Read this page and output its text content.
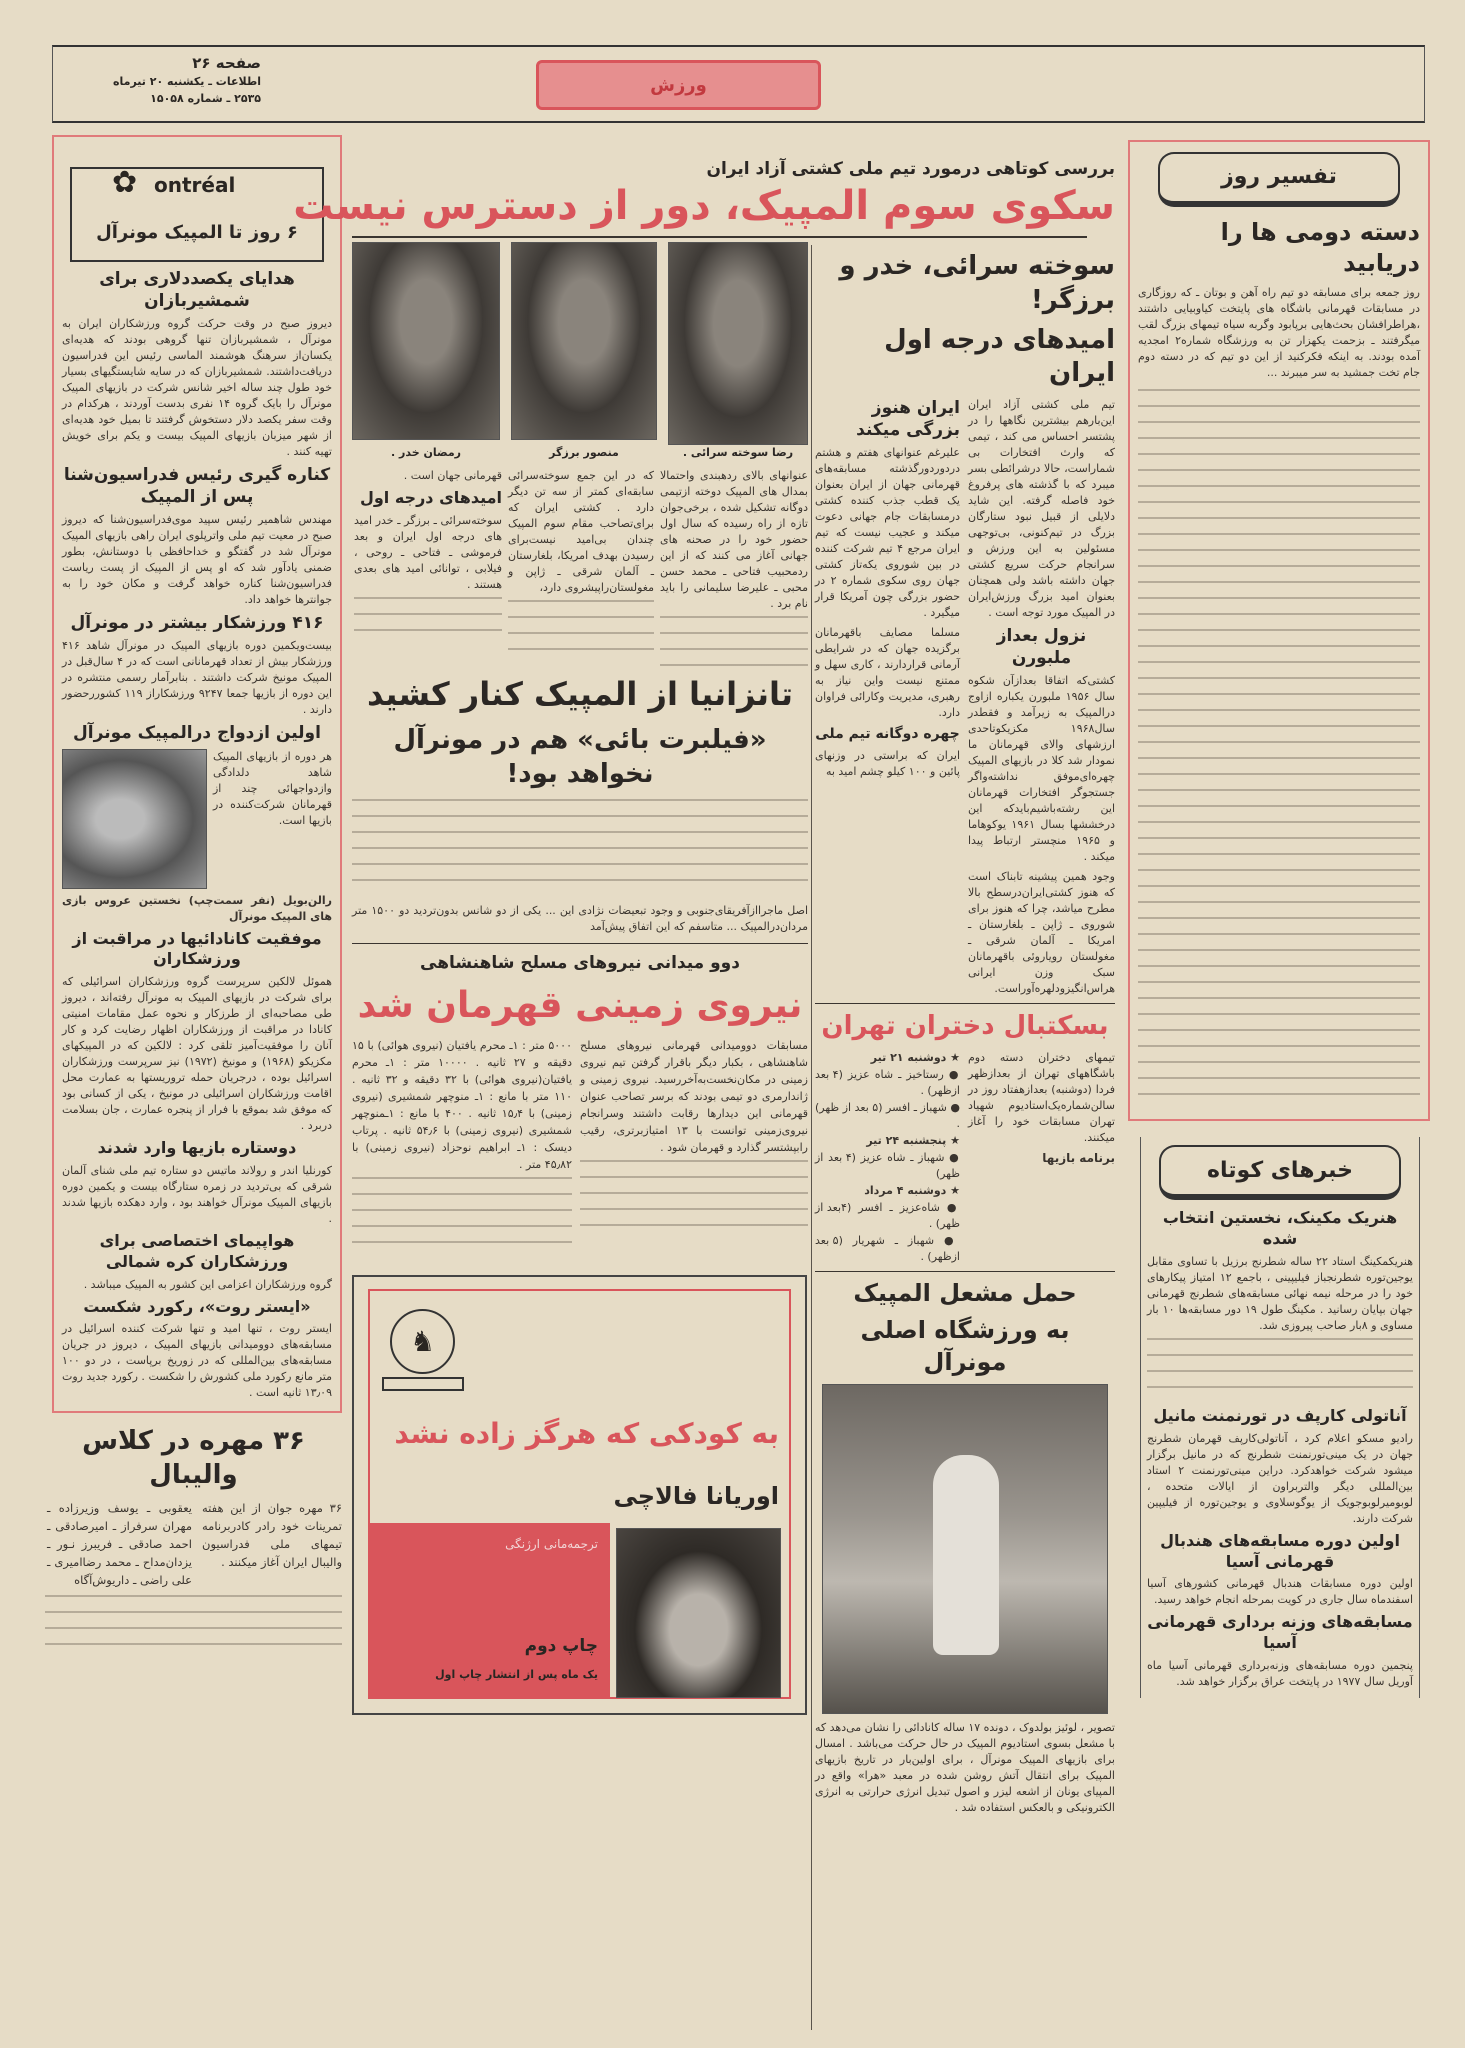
صفحه ۲۶
اطلاعات ـ یکشنبه ۲۰ تیرماه
۲۵۳۵ ـ شماره ۱۵۰۵۸
ورزش
✿ ontréal
۶ روز تا المپیک مونرآل
هدایای یکصددلاری برای شمشیربازان
دیروز صبح در وقت حرکت گروه ورزشکاران ایران به مونرآل ، شمشیربازان تنها گروهی بودند که هدیه‌ای یکسان‌از سرهنگ هوشمند الماسی رئیس این فدراسیون دریافت‌داشتند. شمشیربازان که در سایه شایستگیهای بسیار خود طول چند ساله اخیر شانس شرکت در بازیهای المپیک مونرآل را بایک گروه ۱۴ نفری بدست آوردند ، هرکدام در وقت سفر یکصد دلار دستخوش گرفتند تا بمیل خود هدیه‌ای از شهر میزبان بازیهای المپیک بیست و یکم برای خویش تهیه کنند .
کناره گیری رئیس فدراسیون‌شنا پس از المپیک
مهندس شاهمیر رئیس سپید موی‌فدراسیون‌شنا که دیروز صبح در معیت تیم ملی واترپلوی ایران راهی بازیهای المپیک مونرآل شد در گفتگو و خداحافظی با دوستانش، بطور ضمنی یادآور شد که او پس از المپیک از پست ریاست فدراسیون‌شنا کناره خواهد گرفت و مکان خود را به جوانترها خواهد داد.
۴۱۶ ورزشکار بیشتر در مونرآل
بیست‌ویکمین دوره بازیهای المپیک در مونرآل شاهد ۴۱۶ ورزشکار بیش از تعداد قهرمانانی است که در ۴ سال‌قبل در المپیک مونیخ شرکت داشتند . بنابرآمار رسمی منتشره در این دوره از بازیها جمعا ۹۲۴۷ ورزشکاراز ۱۱۹ کشوررحضور دارند .
اولین ازدواج درالمپیک مونرآل
هر دوره از بازیهای المپیک شاهد دلدادگی وازدواجهائی چند از قهرمانان شرکت‌کننده در بازیها است.
رالن‌بویل (نفر سمت‌چپ) نخستین عروس بازی های المپیک مونرآل
موفقیت کانادائیها در مراقبت از ورزشکاران
هموئل لالکین سرپرست گروه ورزشکاران اسرائیلی که برای شرکت در بازیهای المپیک به مونرآل رفته‌اند ، دیروز طی مصاحبه‌ای از طرزکار و نحوه عمل مقامات امنیتی کانادا در مراقبت از ورزشکاران اظهار رضایت کرد و کار آنان را موفقیت‌آمیز تلقی کرد : لالکین که در المپیکهای مکزیکو (۱۹۶۸) و مونیخ (۱۹۷۲) نیز سرپرست ورزشکاران اسرائیل بوده ، درجریان حمله تروریستها به عمارت محل اقامت ورزشکاران اسرائیلی در مونیخ ، یکی از کسانی بود که موفق شد بموقع با فرار از پنجره عمارت ، جان بسلامت دربرد .
دوستاره بازیها وارد شدند
کورنلیا اندر و رولاند ماتیس دو ستاره تیم ملی شنای آلمان شرقی که بی‌تردید در زمره ستارگاه بیست و یکمین دوره بازیهای المپیک مونرآل خواهند بود ، وارد دهکده بازیها شدند .
هواپیمای اختصاصی برای ورزشکاران کره شمالی
گروه ورزشکاران اعزامی این کشور به المپیک میباشد .
«ایستر روت»، رکورد شکست
ایستر روت ، تنها امید و تنها شرکت کننده اسرائیل در مسابقه‌های دوومیدانی بازیهای المپیک ، دیروز در جریان مسابقه‌های بین‌المللی که در زوریخ برپاست ، در دو ۱۰۰ متر مانع رکورد ملی کشورش را شکست . رکورد جدید روت ۱۳٫۰۹ ثانیه است .
۳۶ مهره در کلاس والیبال
۳۶ مهره جوان از این هفته تمرینات خود رادر کادربرنامه تیمهای ملی فدراسیون والیبال ایران آغاز میکنند .
یعقوبی ـ یوسف وزیرزاده ـ مهران سرفراز ـ امیرصادقی ـ احمد صادقی ـ فریبرز نـور ـ یزدان‌مداح ـ محمد رضاامیری ـ علی راضی ـ داریوش‌آگاه
بررسی کوتاهی درمورد تیم ملی کشتی آزاد ایران
سکوی سوم المپیک، دور از دسترس نیست
رمضان خدر .	منصور برزگر	رضا سوخته سرائی .
عنوانهای بالای ردهبندی واحتمالا بمدال های المپیک دوخته ازتیمی دوگانه تشکیل شده ، برخی‌جوان تازه از راه رسیده که سال اول حضور خود را در صحنه های جهانی آغاز می کنند که از این ردمحبیب فتاحی ـ محمد حسن محبی ـ علیرضا سلیمانی را باید نام برد .
که در این جمع سوخته‌سرائی سابقه‌ای کمتر از سه تن دیگر دارد . کشتی ایران که برای‌تصاحب مقام سوم المپیک چندان بی‌امید نیست‌برای رسیدن بهدف امریکا، بلغارستان ـ آلمان شرقی ـ ژاپن و مغولستان‌راپیشروی دارد،
قهرمانی جهان است .
امیدهای درجه اول
سوخته‌سرائی ـ برزگر ـ خدر امید های درجه اول ایران و بعد فرموشی ـ فتاحی ـ روحی ، فیلابی ، توانائی امید های بعدی هستند .
تانزانیا از المپیک کنار کشید
«فیلبرت بائی» هم در مونرآل نخواهد بود!
اصل ماجرا‌ازآفریقای‌جنوبی و وجود تبعیضات نژادی این ... یکی از دو شانس بدون‌تردید دو ۱۵۰۰ متر مردان‌درالمپیک ... متاسفم که این اتفاق پیش‌آمد
دوو میدانی نیروهای مسلح شاهنشاهی
نیروی زمینی قهرمان شد
مسابقات دوومیدانی قهرمانی نیروهای مسلح شاهنشاهی ، بکبار دیگر باقرار گرفتن تیم نیروی زمینی در مکان‌نخست‌به‌آخررسید. نیروی زمینی و ژاندارمری دو تیمی بودند که برسر تصاحب عنوان قهرمانی این دیدارها رقابت داشتند وسرانجام نیروی‌زمینی توانست با ۱۳ امتیازبرتری، رقیب رابپشتسر گذارد و قهرمان شود .
۵۰۰۰ متر : ۱ـ محرم یافتیان (نیروی هوائی) با ۱۵ دقیقه و ۲۷ ثانیه . ۱۰۰۰۰ متر : ۱ـ محرم یافتیان(نیروی هوائی) با ۳۲ دقیقه و ۳۲ ثانیه . ۱۱۰ متر با مانع : ۱ـ منوچهر شمشیری (نیروی زمینی) با ۱۵٫۴ ثانیه . ۴۰۰ با مانع : ۱ـمنوچهر شمشیری (نیروی زمینی) با ۵۴٫۶ ثانیه . پرتاب دیسک : ۱ـ ابراهیم نوحزاد (نیروی زمینی) با ۴۵٫۸۲ متر .
♞
به کودکی که هرگز زاده نشد
اوریانا فالاچی
ترجمه‌مانی ارژنگی
چاپ دوم
یک ماه پس از انتشار چاپ اول
سوخته سرائی، خدر و برزگر!
امیدهای درجه اول ایران
تیم ملی کشتی آزاد ایران این‌بارهم بیشترین نگاهها را در پشتسر احساس می کند ، تیمی که وارث افتخارات بی شماراست، حالا درشرائطی بسر میبرد که با گذشته های پرفروغ خود فاصله گرفته. این شاید دلایلی از قبیل نبود ستارگان بزرگ در تیم‌کنونی، بی‌توجهی مسئولین به این ورزش و سرانجام حرکت سریع کشتی جهان داشته باشد ولی همچنان بعنوان امید بزرگ ورزش‌ایران در المپیک مورد توجه است .
نزول بعداز ملبورن
کشتی‌که اتفاقا بعدازآن شکوه سال ۱۹۵۶ ملبورن یکباره ازاوج درالمپیک به زیرآمد و فقطدر سال۱۹۶۸ مکزیکوتاحدی ارزشهای والای قهرمانان ما نمودار شد کلا در بازیهای المپیک چهره‌ای‌موفق نداشته‌واگر جستجوگر افتخارات قهرمانان این رشته‌باشیم‌بایدکه این درخششها بسال ۱۹۶۱ یوکوهاما و ۱۹۶۵ منچستر ارتباط پیدا میکند .
وجود همین پیشینه تابناک است که هنوز کشتی‌ایران‌درسطح بالا مطرح میاشد، چرا که هنوز برای شوروی ـ ژاپن ـ بلغارستان ـ امریکا ـ آلمان شرقی ـ مغولستان رویاروئی باقهرمانان سبک وزن ایرانی هراس‌انگیزودلهره‌آوراست.
ایران هنوز بزرگی میکند
علیرغم عنوانهای هفتم و هشتم دردوردورگذشته مسابقه‌های قهرمانی جهان از ایران بعنوان یک قطب جذب کننده کشتی درمسابقات جام جهانی دعوت میکند و عجیب نیست که تیم ایران مرجع ۴ تیم شرکت کننده در بین شوروی یکه‌تاز کشتی جهان روی سکوی شماره ۲ در حضور بزرگی چون آمریکا قرار میگیرد .
مسلما مصایف باقهرمانان برگزیده جهان که در شرایطی آرمانی قراردارند ، کاری سهل و ممتنع نیست واین نیاز به رهبری، مدیریت وکارائی فراوان دارد.
چهره دوگانه تیم ملی
ایران که براستی در وزنهای پائین و ۱۰۰ کیلو چشم امید به
بسکتبال دختران تهران
تیمهای دختران دسته دوم باشگاههای تهران از بعدازظهر فردا (دوشنبه) بعدازهفتاد روز در سالن‌شماره‌یک‌استادیوم شهیاد تهران مسابقات خود را آغاز میکنند.
برنامه بازیها
★ دوشنبه ۲۱ تیر
● رستاخیز ـ شاه عزیز (۴ بعد ازظهر) .
● شهباز ـ افسر (۵ بعد از ظهر) .
★ پنجشنبه ۲۴ تیر
● شهباز ـ شاه عزیز (۴ بعد از ظهر)
★ دوشنبه ۴ مرداد
● شاه‌عزیز ـ افسر (۴بعد از ظهر) .
● شهباز ـ شهریار (۵ بعد ازظهر) .
حمل مشعل المپیک
به ورزشگاه اصلی مونرآل
تصویر ، لوئیز بولدوک ، دونده ۱۷ ساله کانادائی را نشان می‌دهد که با مشعل بسوی استادیوم المپیک در حال حرکت می‌باشد . امسال برای بازیهای المپیک مونرآل ، برای اولین‌بار در تاریخ بازیهای المپیک برای انتقال آتش روشن شده در معبد «هرا» واقع در المپیای یونان از اشعه لیزر و اصول تبدیل انرژی حرارتی به انرژی الکترونیکی و بالعکس استفاده شد .
تفسیر روز
دسته دومی ها را دریابید
روز جمعه برای مسابقه دو تیم راه آهن و بوتان ـ که روزگاری در مسابقات قهرمانی باشگاه های پایتخت کیاوبیایی داشتند ،هراطرافشان بحث‌هایی برپابود وگربه سیاه تیمهای بزرگ لقب میگرفتند ـ بزحمت یکهزار تن به ورزشگاه شماره۲ امجدیه آمده بودند. به اینکه فکرکنید از این دو تیم که در دسته دوم جام تخت جمشید به سر میبرند ...
خبرهای کوتاه
هنریک مکینک، نخستین انتخاب شده
هنریکمکینگ استاد ۲۲ ساله شطرنج برزیل با تساوی مقابل یوجین‌توره شطرنجباز فیلیپینی ، باجمع ۱۲ امتیاز پیکارهای خود را در مرحله نیمه نهائی مسابقه‌های شطرنج قهرمانی جهان بپایان رسانید . مکینگ طول ۱۹ دور مسابقه‌ها ۱۰ بار مساوی و ۸بار صاحب پیروزی شد.
آناتولی کارپف در تورنمنت مانیل
رادیو مسکو اعلام کرد ، آناتولی‌کارپف قهرمان شطرنج جهان در یک مینی‌تورنمنت شطرنج که در مانیل برگزار میشود شرکت خواهدکرد. دراین مینی‌تورنمنت ۲ استاد بین‌المللی دیگر والتربراون از ایالات متحده ، لوبومیرلوبوجویک از یوگوسلاوی و یوجین‌توره از فیلیپین شرکت دارند.
اولین دوره مسابقه‌های هندبال قهرمانی آسیا
اولین دوره مسابقات هندبال قهرمانی کشورهای آسیا اسفندماه سال جاری در کویت بمرحله انجام خواهد رسید.
مسابقه‌های وزنه برداری قهرمانی آسیا
پنجمین دوره مسابقه‌های وزنه‌برداری قهرمانی آسیا ماه آوریل سال ۱۹۷۷ در پایتخت عراق برگزار خواهد شد.
